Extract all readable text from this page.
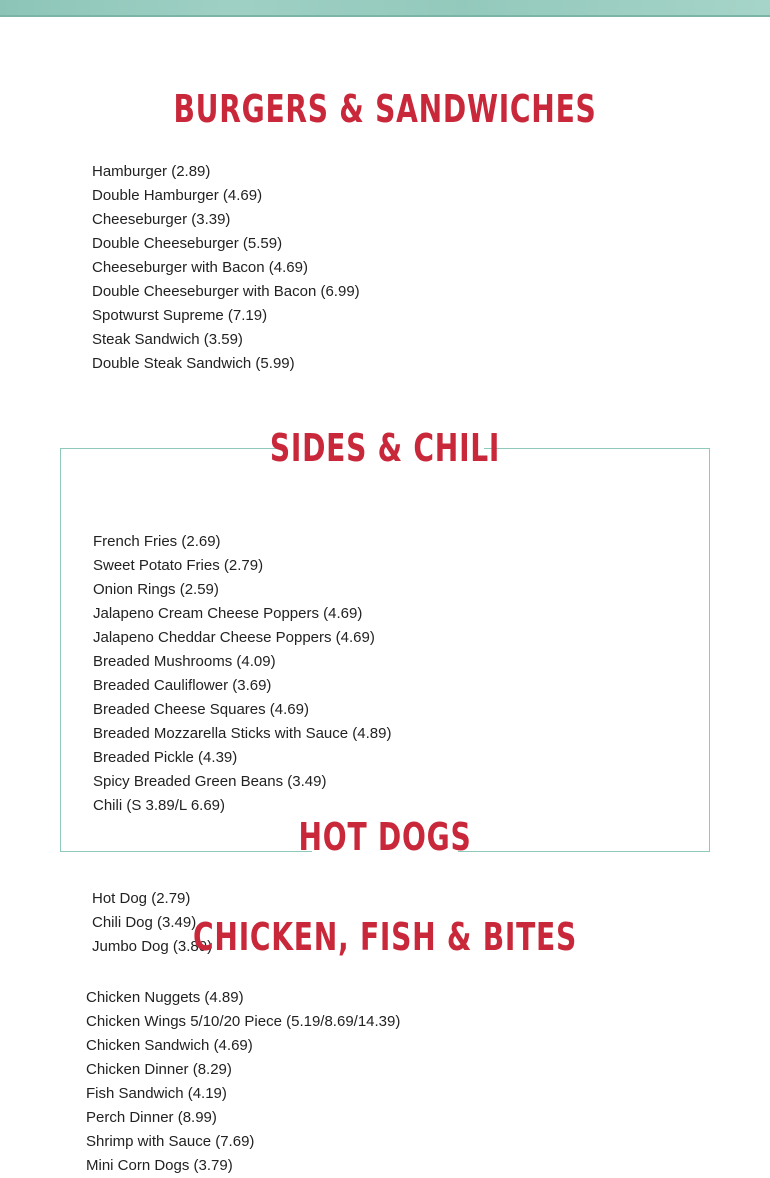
BURGERS & SANDWICHES
Hamburger (2.89)
Double Hamburger (4.69)
Cheeseburger (3.39)
Double Cheeseburger (5.59)
Cheeseburger with Bacon (4.69)
Double Cheeseburger with Bacon (6.99)
Spotwurst Supreme (7.19)
Steak Sandwich (3.59)
Double Steak Sandwich (5.99)
SIDES & CHILI
French Fries (2.69)
Sweet Potato Fries (2.79)
Onion Rings (2.59)
Jalapeno Cream Cheese Poppers (4.69)
Jalapeno Cheddar Cheese Poppers (4.69)
Breaded Mushrooms (4.09)
Breaded Cauliflower (3.69)
Breaded Cheese Squares (4.69)
Breaded Mozzarella Sticks with Sauce (4.89)
Breaded Pickle (4.39)
Spicy Breaded Green Beans (3.49)
Chili (S 3.89/L 6.69)
HOT DOGS
Hot Dog (2.79)
Chili Dog (3.49)
Jumbo Dog (3.89)
CHICKEN, FISH & BITES
Chicken Nuggets (4.89)
Chicken Wings 5/10/20 Piece (5.19/8.69/14.39)
Chicken Sandwich (4.69)
Chicken Dinner (8.29)
Fish Sandwich (4.19)
Perch Dinner (8.99)
Shrimp with Sauce (7.69)
Mini Corn Dogs (3.79)
